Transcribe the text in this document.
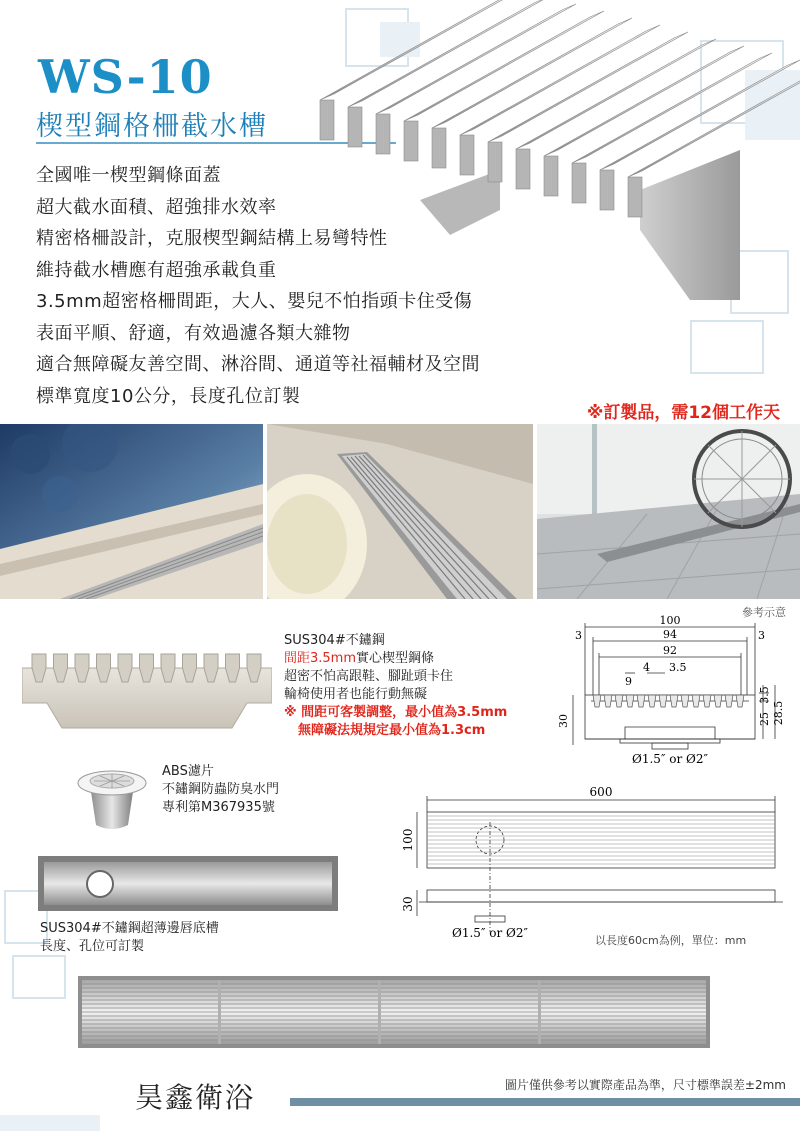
WS-10
楔型鋼格柵截水槽
全國唯一楔型鋼條面蓋
超大截水面積、超強排水效率
精密格柵設計，克服楔型鋼結構上易彎特性
維持截水槽應有超強承載負重
3.5mm超密格柵間距，大人、嬰兒不怕指頭卡住受傷
表面平順、舒適，有效過濾各類大雜物
適合無障礙友善空間、淋浴間、通道等社福輔材及空間
標準寬度10公分，長度孔位訂製
※訂製品，需12個工作天
參考示意
SUS304#不鏽鋼
間距3.5mm實心楔型鋼條
超密不怕高跟鞋、腳趾頭卡住
輪椅使用者也能行動無礙
※ 間距可客製調整，最小值為3.5mm
無障礙法規規定最小值為1.3cm
100
3	94	3
92
4 3.5
9
3.5
25 28.5
30
Ø1.5″ or Ø2″
ABS濾片
不鏽鋼防蟲防臭水門
專利第M367935號
SUS304#不鏽鋼超薄邊唇底槽
長度、孔位可訂製
600
100
30
Ø1.5″ or Ø2″
以長度60cm為例，單位：mm
昊鑫衛浴	圖片僅供參考以實際產品為準，尺寸標準誤差±2mm
